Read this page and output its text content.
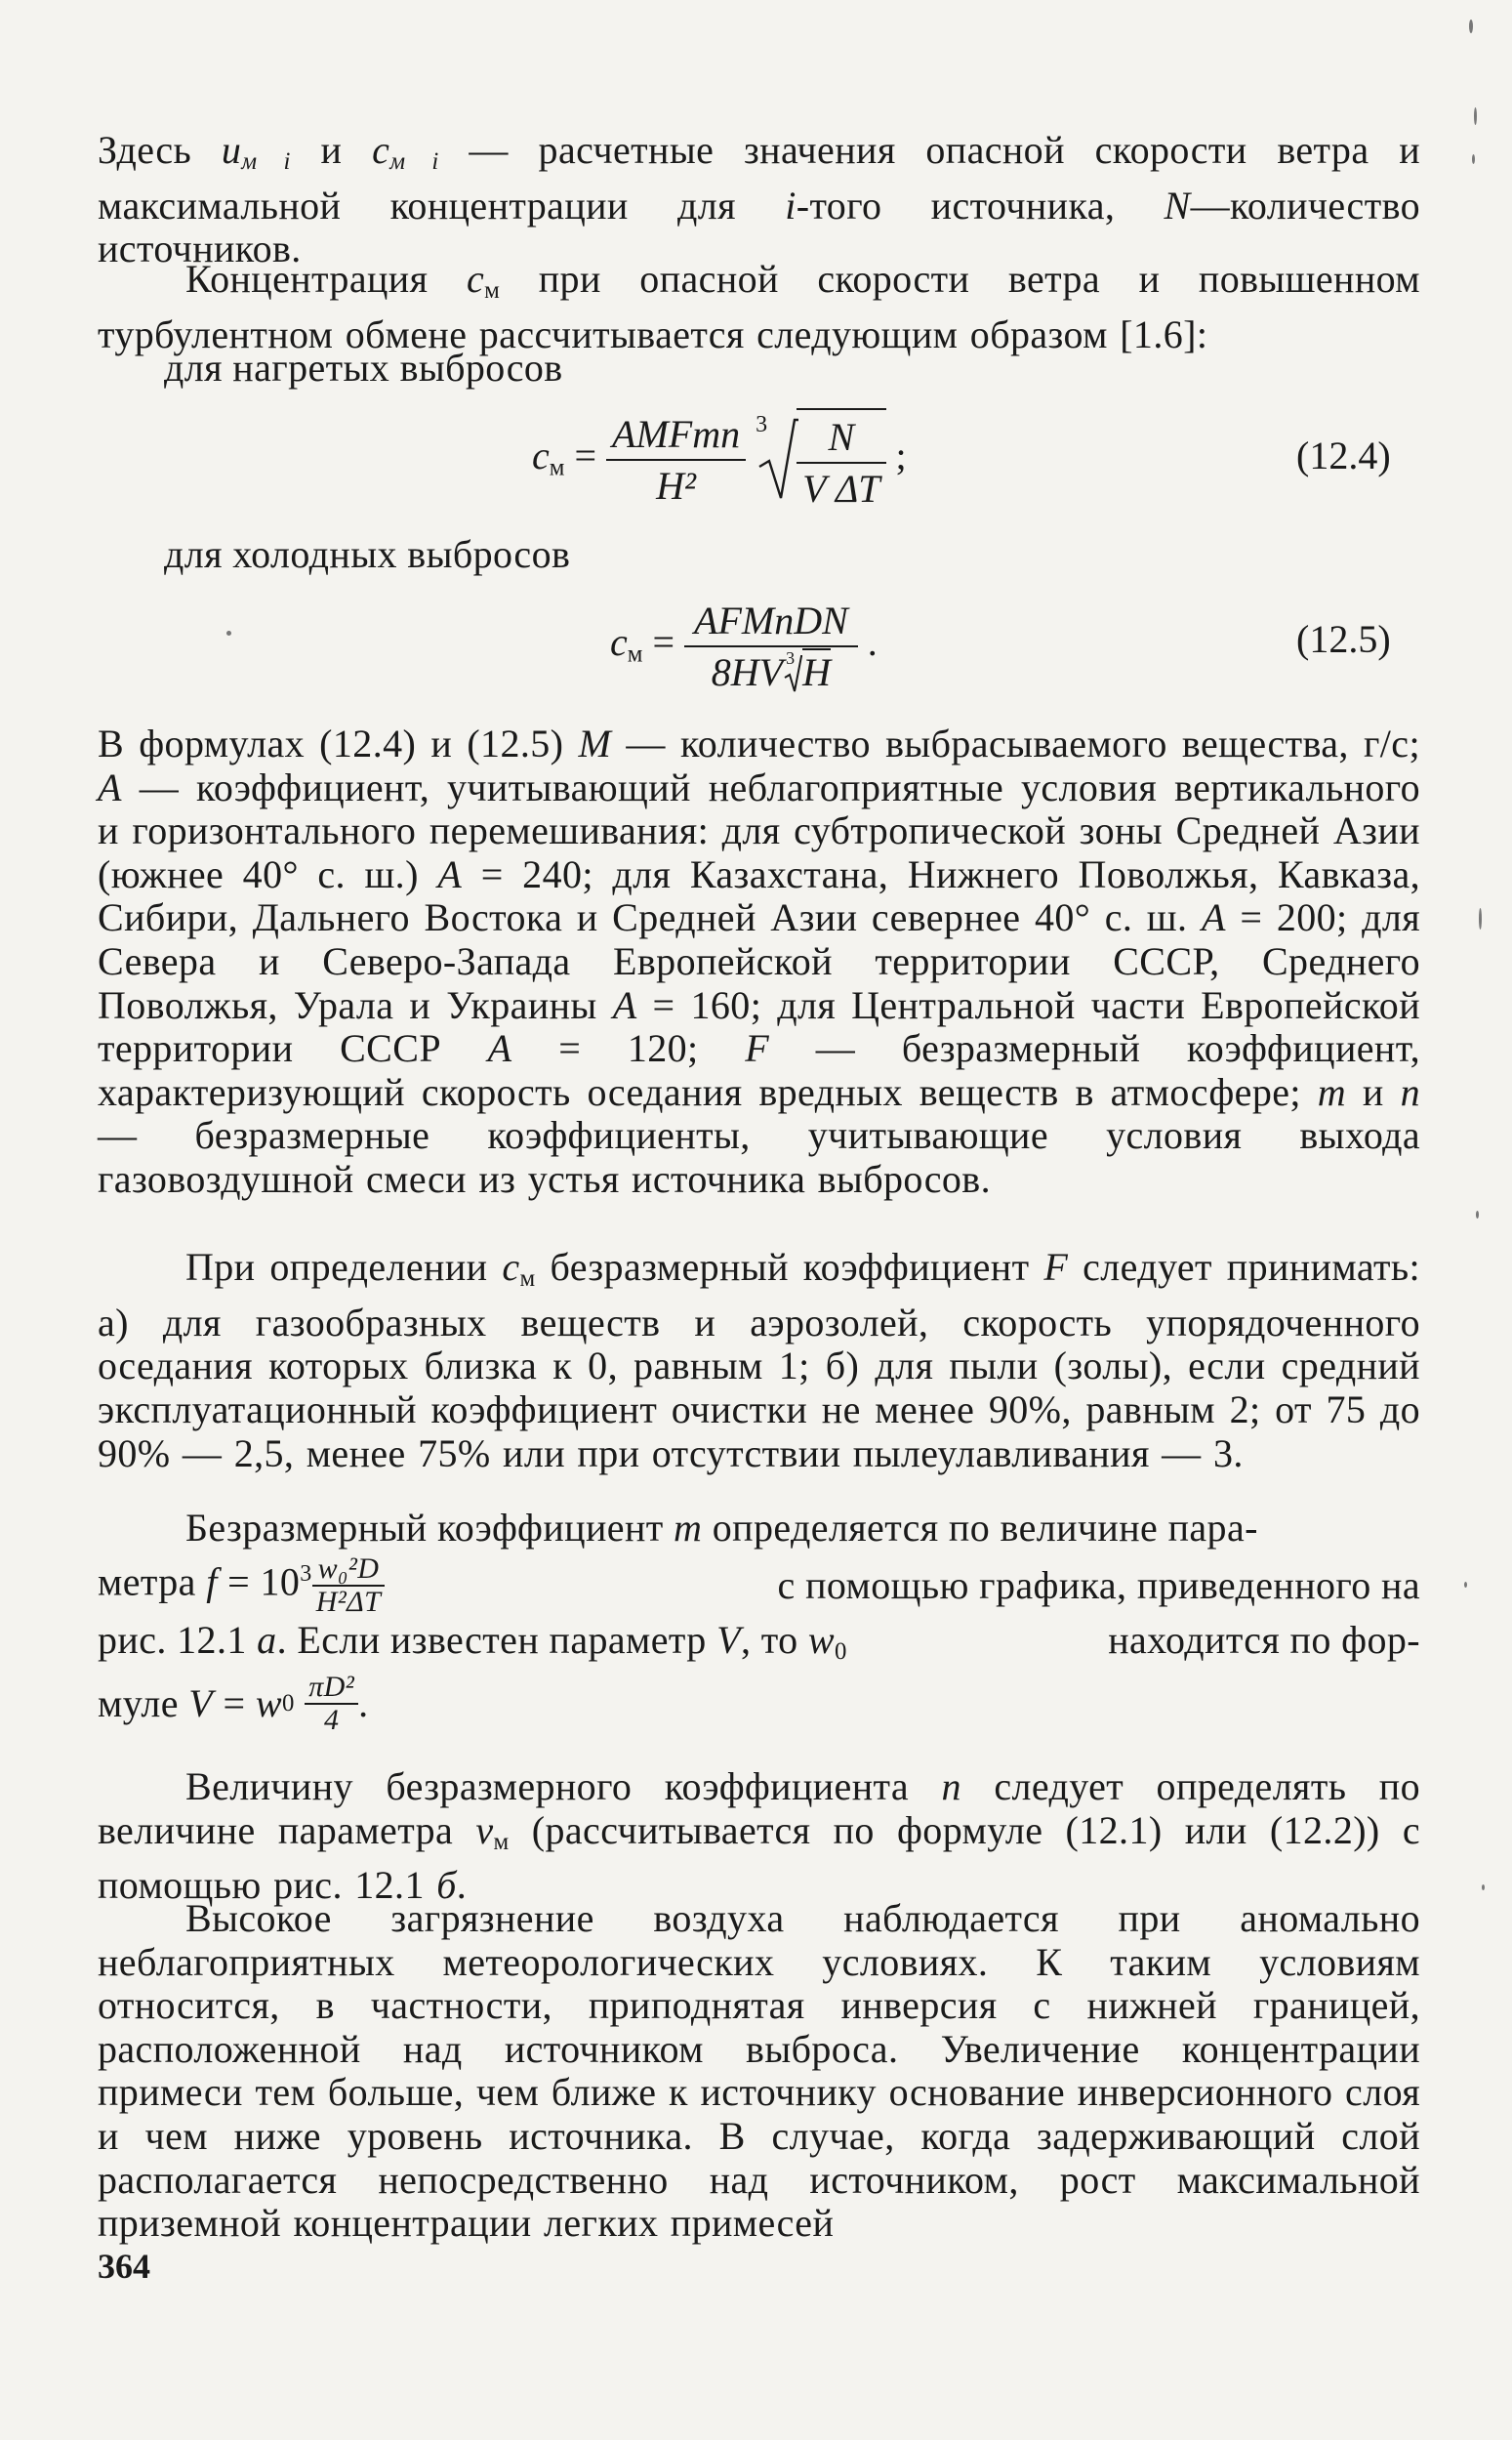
Здесь uм i и cм i — расчетные значения опасной скорости ветра и максимальной концентрации для i-того источника, N—количество источников.

Концентрация $c_м$ при опасной скорости ветра и повышенном турбулентном обмене рассчитывается следующим образом [1.6]:

для нагретых выбросов
$c_м = \frac{\text{AMFmn}}{\text{H²}}$
$3 \frac{N}{\text{V ΔT}}$ ;	(12.4)
для холодных выбросов
$c_м = \frac{\text{AFMnDN}}{8HV 3 H}$ .	(12.5)

В формулах (12.4) и (12.5) M — количество выбрасываемого вещества, г/с; A — коэффициент, учитывающий неблагоприятные условия вертикального и горизонтального перемешивания: для субтропической зоны Средней Азии (южнее 40° с. ш.) A = 240; для Казахстана, Нижнего Поволжья, Кавказа, Сибири, Дальнего Востока и Средней Азии севернее 40° с. ш. A = 200; для Севера и Северо-Запада Европейской территории СССР, Среднего Поволжья, Урала и Украины A = 160; для Центральной части Европейской территории СССР A = 120; F — безразмерный коэффициент, характеризующий скорость оседания вредных веществ в атмосфере; m и n — безразмерные коэффициенты, учитывающие условия выхода газовоздушной смеси из устья источника выбросов.

При определении $c_м$ безразмерный коэффициент F следует принимать: а) для газообразных веществ и аэрозолей, скорость упорядоченного оседания которых близка к 0, равным 1; б) для пыли (золы), если средний эксплуатационный коэффициент очистки не менее 90%, равным 2; от 75 до 90% — 2,5, менее 75% или при отсутствии пылеулавливания — 3.

Безразмерный коэффициент m определяется по величине пара-
метра $f = 10^3 \frac{\text{w₀²D}}{\text{H²ΔT}}$	с помощью графика, приведенного на
рис. 12.1 а. Если известен параметр V, то $w_0$	находится по фор-
муле
V
=
w 0
$\frac{\text{πD²}}{4}$ .

Величину безразмерного коэффициента n следует определять по величине параметра $v_м$ (рассчитывается по формуле (12.1) или (12.2)) с помощью рис. 12.1 б.

Высокое загрязнение воздуха наблюдается при аномально неблагоприятных метеорологических условиях. К таким условиям относится, в частности, приподнятая инверсия с нижней границей, расположенной над источником выброса. Увеличение концентрации примеси тем больше, чем ближе к источнику основание инверсионного слоя и чем ниже уровень источника. В случае, когда задерживающий слой располагается непосредственно над источником, рост максимальной приземной концентрации легких примесей

364
